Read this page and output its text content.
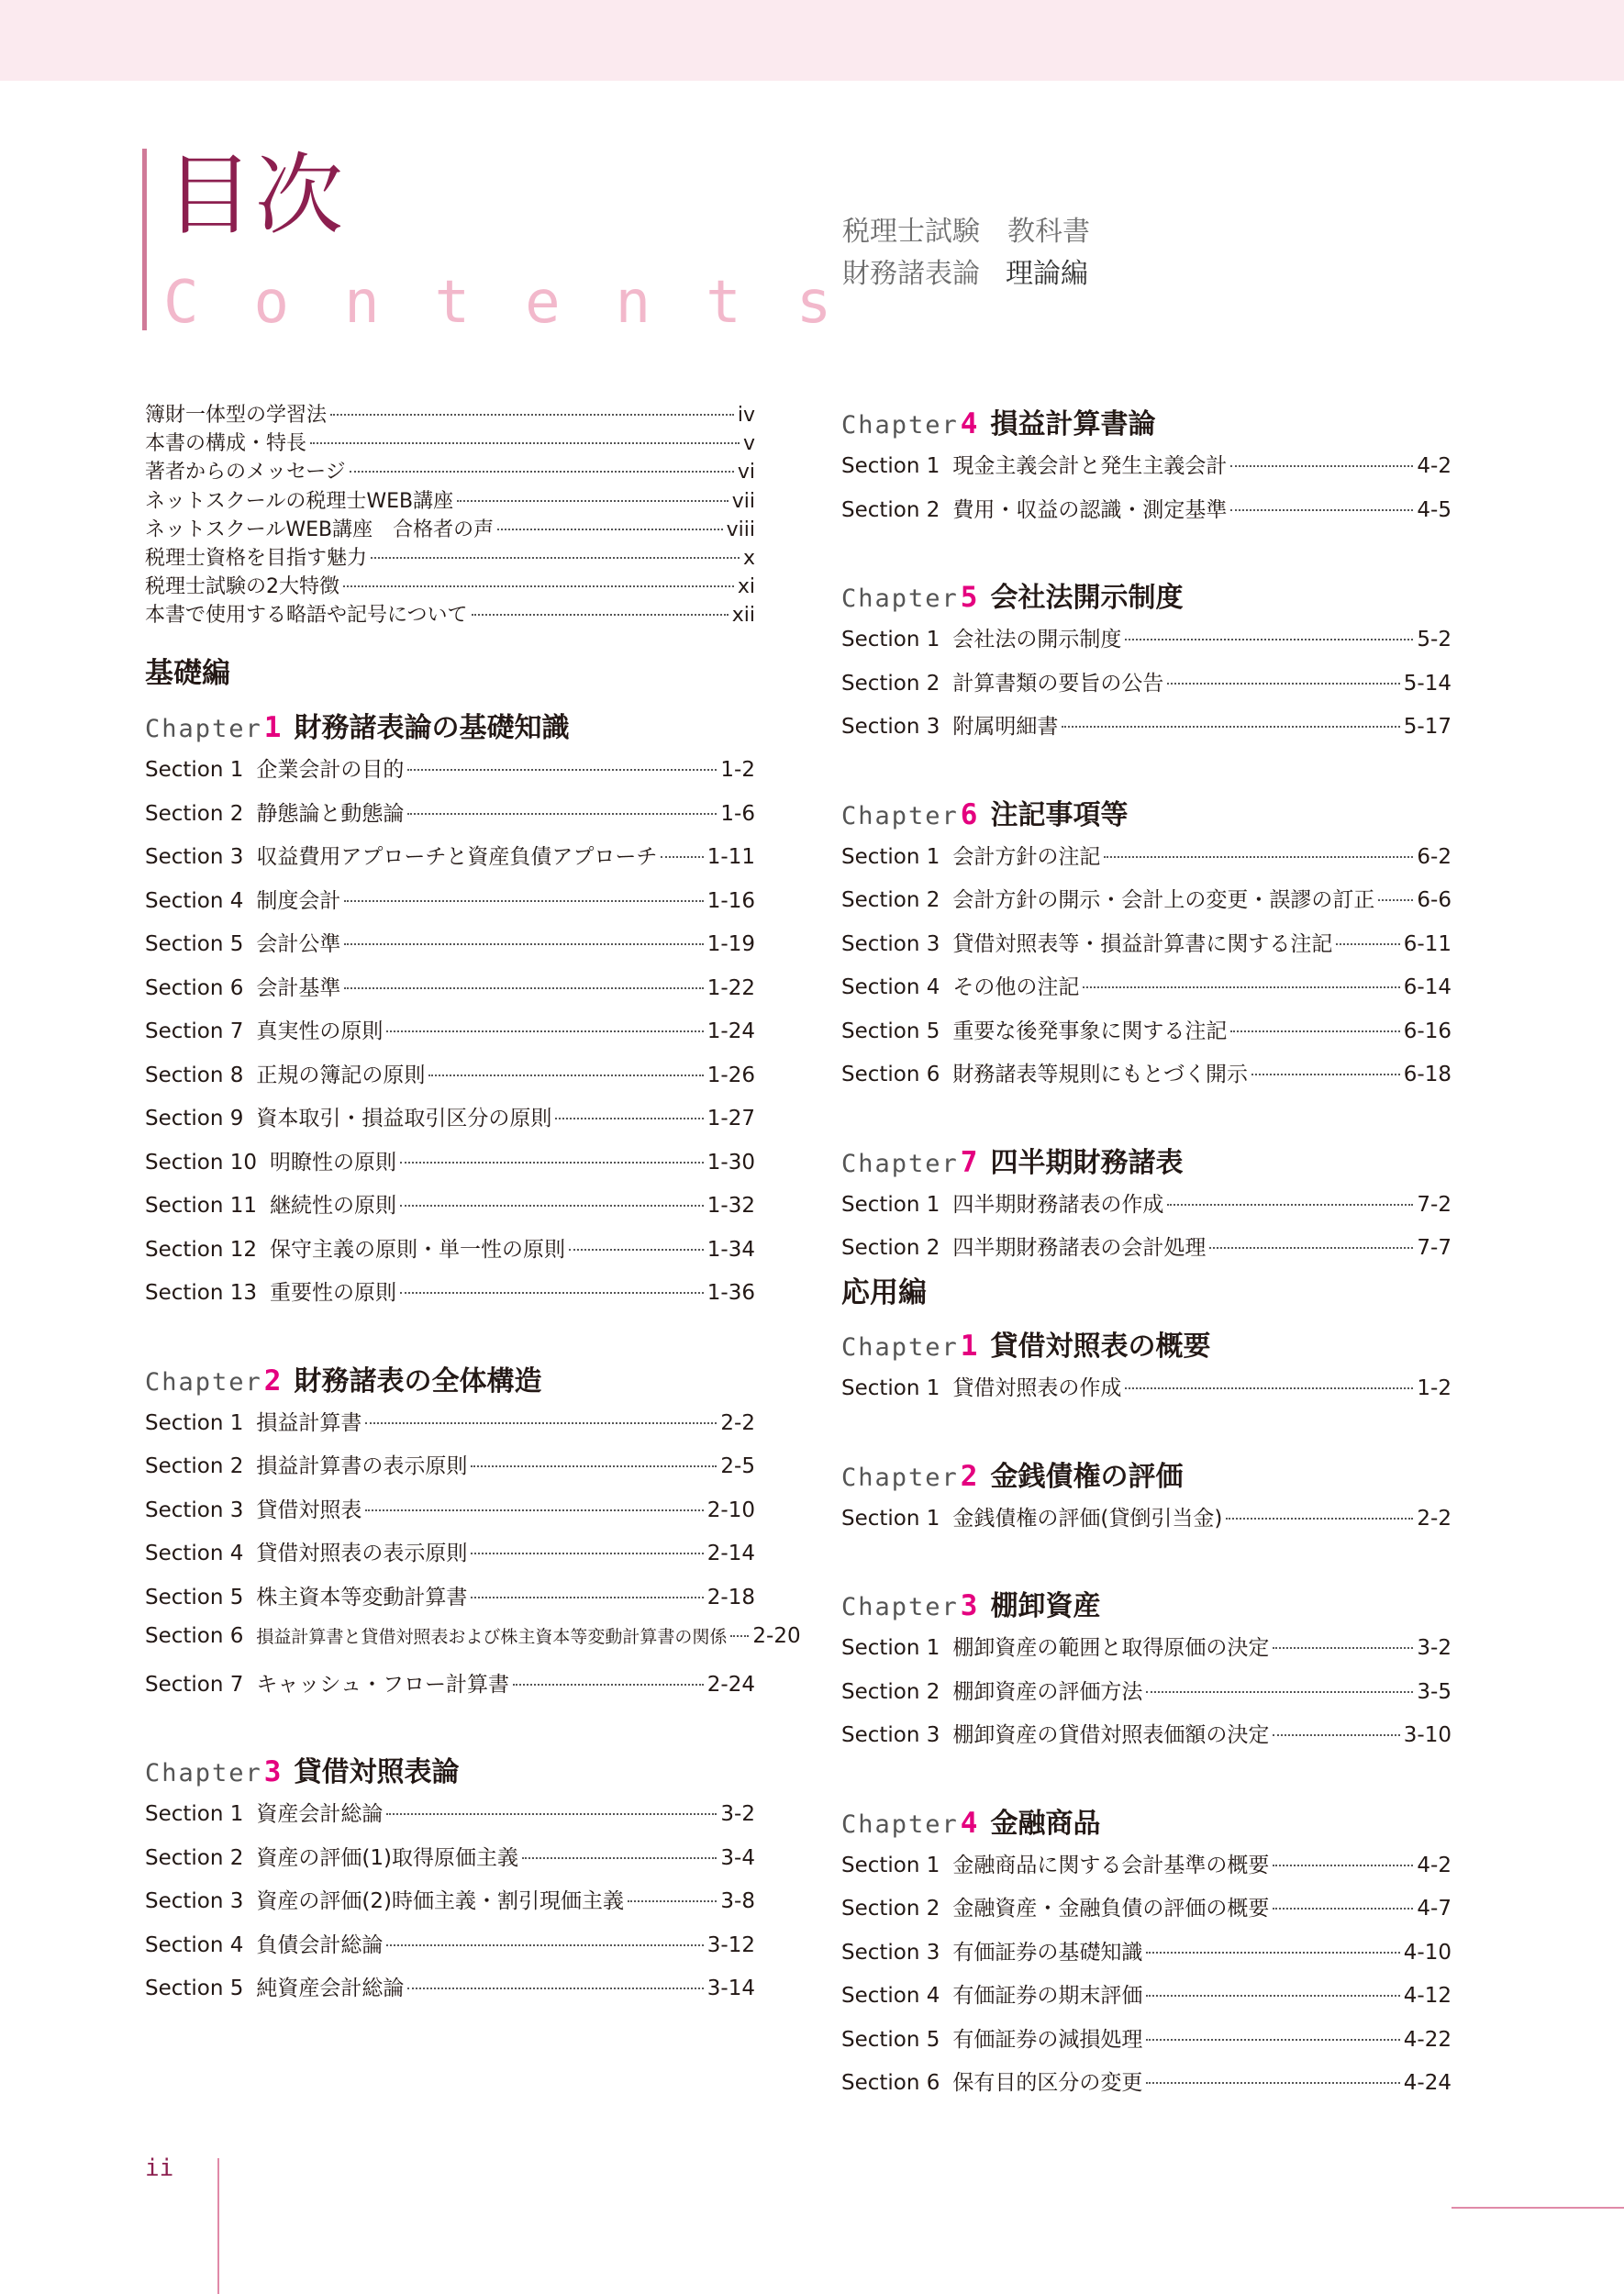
目次
Contents
税理士試験　教科書
財務諸表論 理論編
簿財一体型の学習法	iv
本書の構成・特長	v
著者からのメッセージ	vi
ネットスクールの税理士WEB講座	vii
ネットスクールWEB講座　合格者の声	viii
税理士資格を目指す魅力	x
税理士試験の2大特徴	xi
本書で使用する略語や記号について	xii
基礎編
Chapter 1 財務諸表論の基礎知識
Section 1 企業会計の目的	1-2
Section 2 静態論と動態論	1-6
Section 3 収益費用アプローチと資産負債アプローチ 1-11
Section 4 制度会計	1-16
Section 5 会計公準	1-19
Section 6 会計基準	1-22
Section 7 真実性の原則	1-24
Section 8 正規の簿記の原則	1-26
Section 9 資本取引・損益取引区分の原則	1-27
Section 10 明瞭性の原則	1-30
Section 11 継続性の原則	1-32
Section 12 保守主義の原則・単一性の原則	1-34
Section 13 重要性の原則	1-36
Chapter 2 財務諸表の全体構造
Section 1 損益計算書	2-2
Section 2 損益計算書の表示原則	2-5
Section 3 貸借対照表	2-10
Section 4 貸借対照表の表示原則	2-14
Section 5 株主資本等変動計算書	2-18
Section 6 損益計算書と貸借対照表および株主資本等変動計算書の関係 2-20
Section 7 キャッシュ・フロー計算書	2-24
Chapter 3 貸借対照表論
Section 1 資産会計総論	3-2
Section 2 資産の評価(1)取得原価主義	3-4
Section 3 資産の評価(2)時価主義・割引現価主義	3-8
Section 4 負債会計総論	3-12
Section 5 純資産会計総論	3-14
Chapter 4 損益計算書論
Section 1 現金主義会計と発生主義会計	4-2
Section 2 費用・収益の認識・測定基準	4-5
Chapter 5 会社法開示制度
Section 1 会社法の開示制度	5-2
Section 2 計算書類の要旨の公告	5-14
Section 3 附属明細書	5-17
Chapter 6 注記事項等
Section 1 会計方針の注記	6-2
Section 2 会計方針の開示・会計上の変更・誤謬の訂正 6-6
Section 3 貸借対照表等・損益計算書に関する注記	6-11
Section 4 その他の注記	6-14
Section 5 重要な後発事象に関する注記	6-16
Section 6 財務諸表等規則にもとづく開示	6-18
Chapter 7 四半期財務諸表
Section 1 四半期財務諸表の作成	7-2
Section 2 四半期財務諸表の会計処理	7-7
応用編
Chapter 1 貸借対照表の概要
Section 1 貸借対照表の作成	1-2
Chapter 2 金銭債権の評価
Section 1 金銭債権の評価(貸倒引当金)	2-2
Chapter 3 棚卸資産
Section 1 棚卸資産の範囲と取得原価の決定	3-2
Section 2 棚卸資産の評価方法	3-5
Section 3 棚卸資産の貸借対照表価額の決定	3-10
Chapter 4 金融商品
Section 1 金融商品に関する会計基準の概要	4-2
Section 2 金融資産・金融負債の評価の概要	4-7
Section 3 有価証券の基礎知識	4-10
Section 4 有価証券の期末評価	4-12
Section 5 有価証券の減損処理	4-22
Section 6 保有目的区分の変更	4-24
ii
